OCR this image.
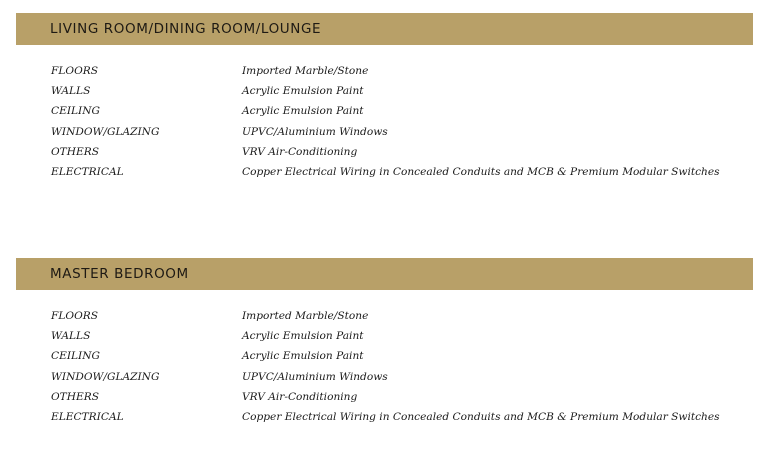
LIVING ROOM/DINING ROOM/LOUNGE
FLOORS	Imported Marble/Stone
WALLS	Acrylic Emulsion Paint
CEILING	Acrylic Emulsion Paint
WINDOW/GLAZING	UPVC/Aluminium Windows
OTHERS	VRV Air-Conditioning
ELECTRICAL	Copper Electrical Wiring in Concealed Conduits and MCB & Premium Modular Switches
MASTER BEDROOM
FLOORS	Imported Marble/Stone
WALLS	Acrylic Emulsion Paint
CEILING	Acrylic Emulsion Paint
WINDOW/GLAZING	UPVC/Aluminium Windows
OTHERS	VRV Air-Conditioning
ELECTRICAL	Copper Electrical Wiring in Concealed Conduits and MCB & Premium Modular Switches
